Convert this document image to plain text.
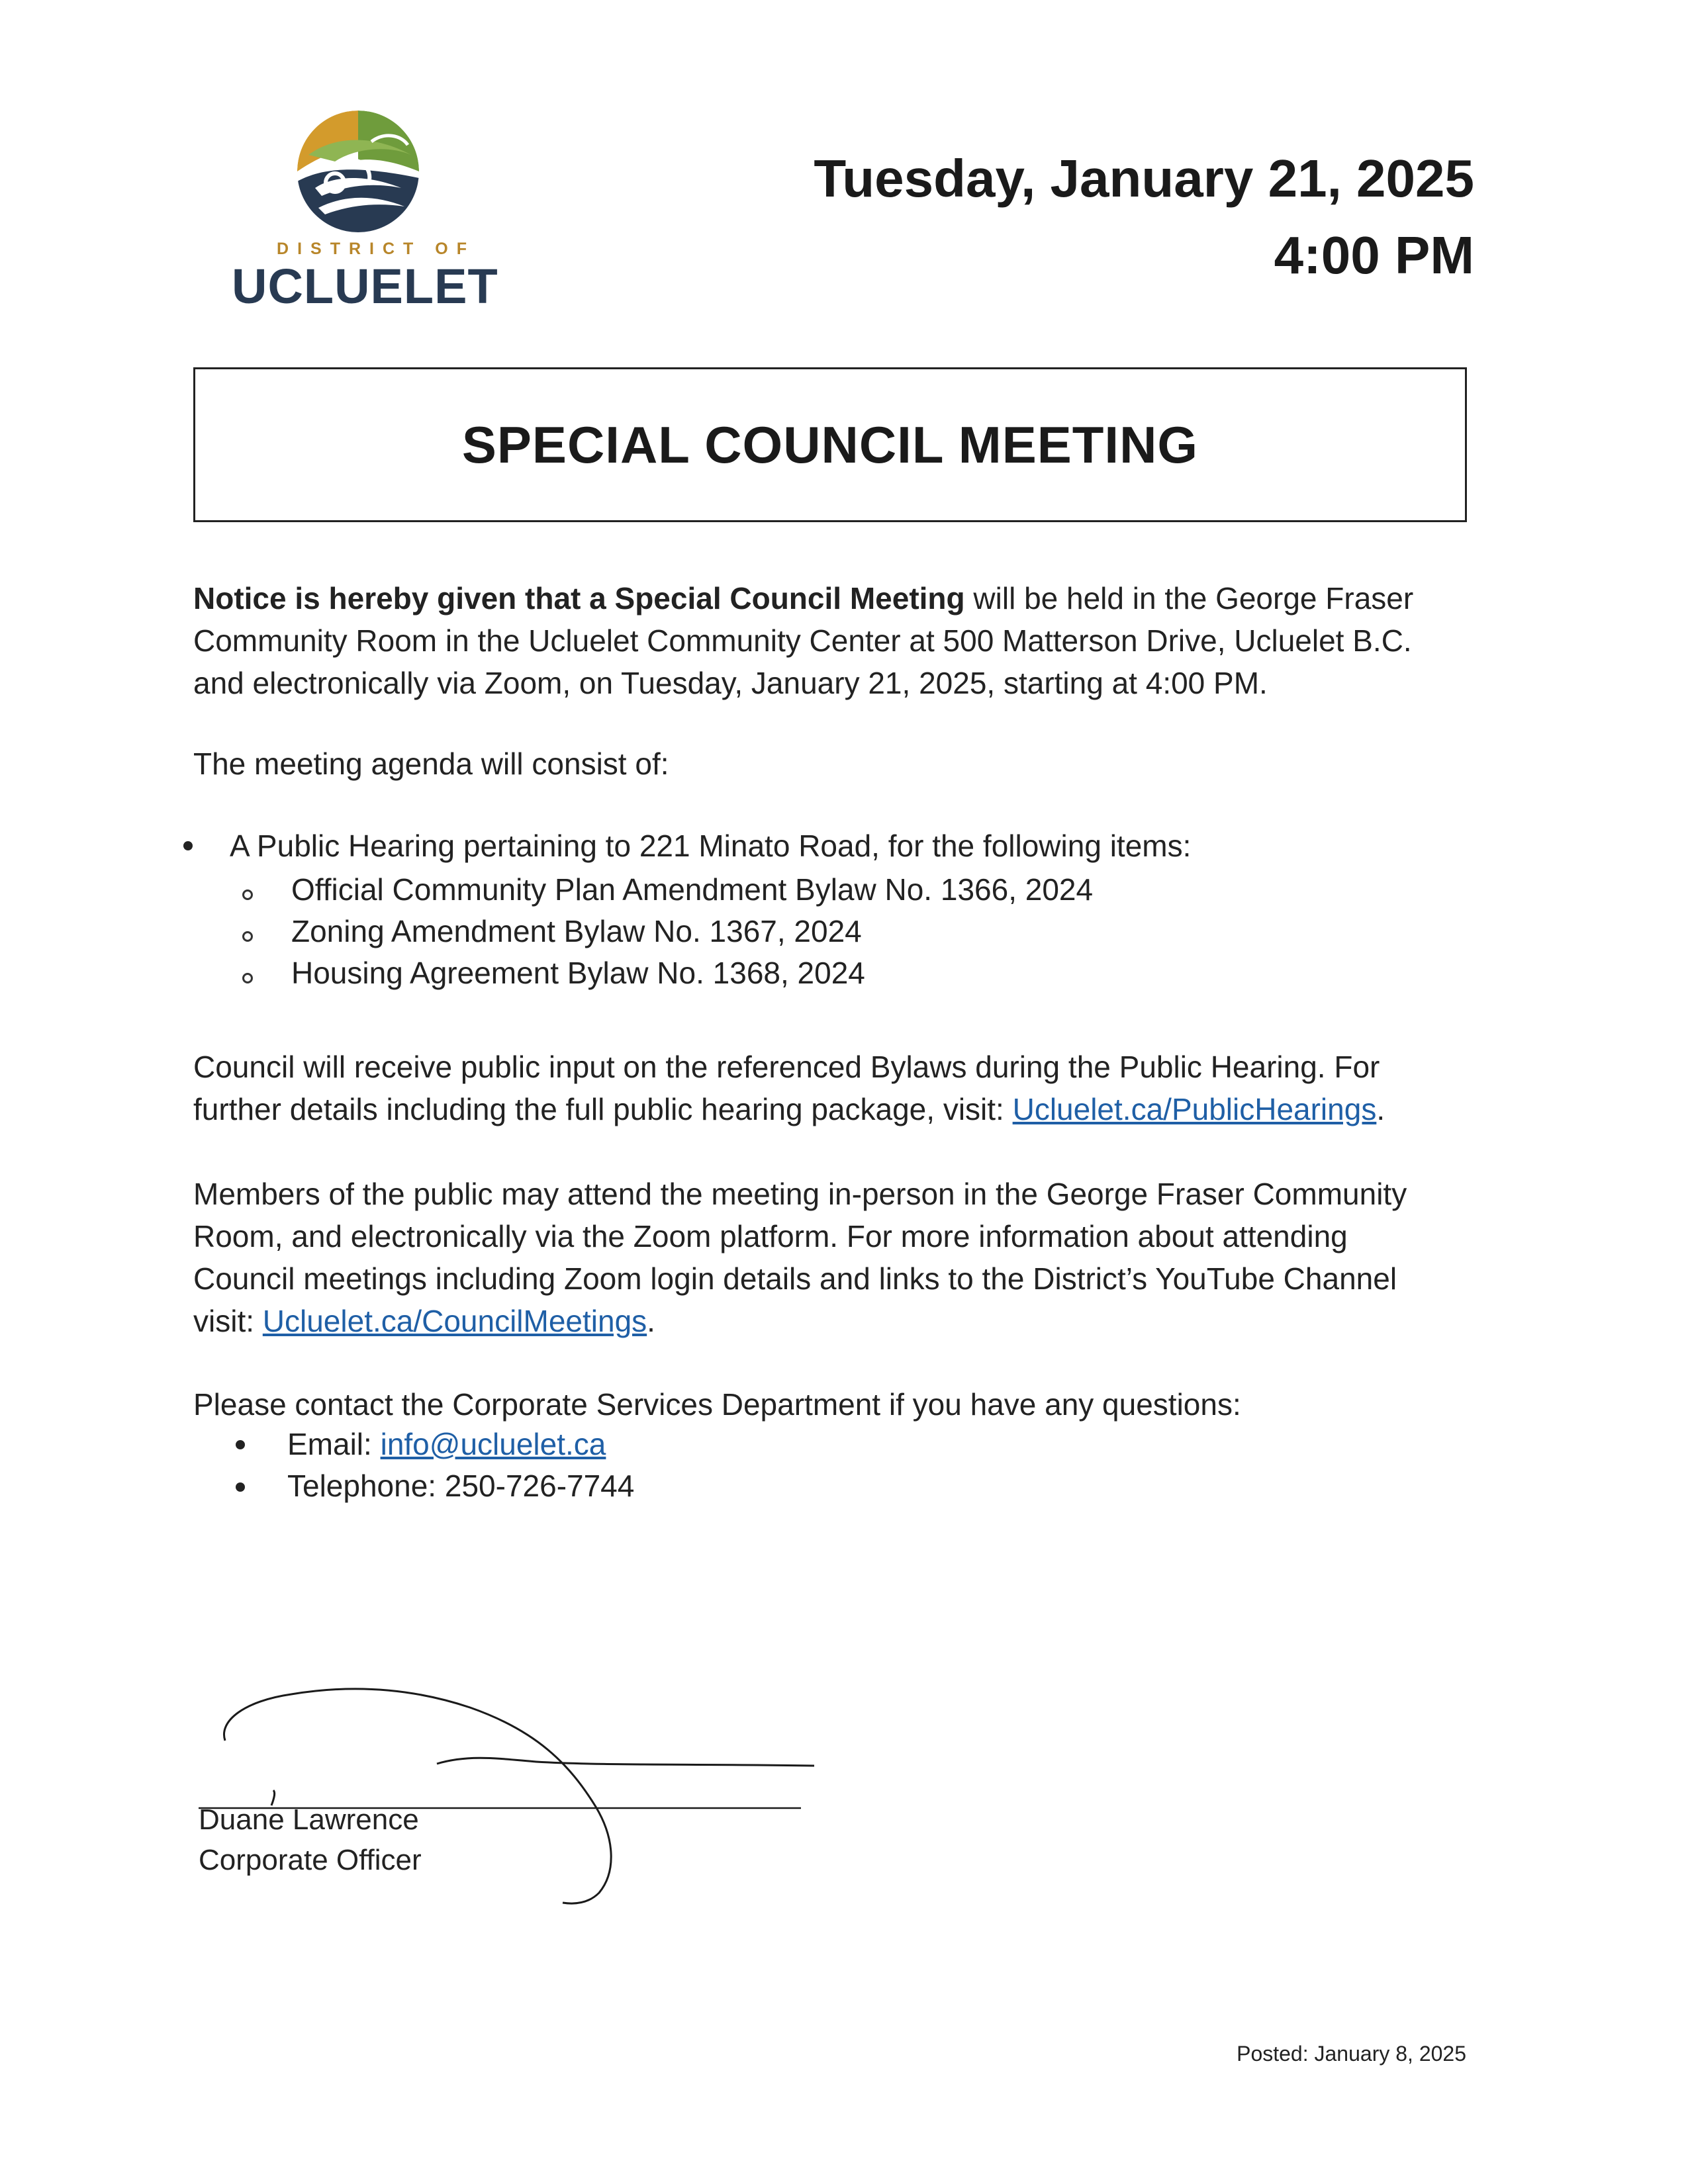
DISTRICT OF
UCLUELET
Tuesday, January 21, 2025
4:00 PM
SPECIAL COUNCIL MEETING
Notice is hereby given that a Special Council Meeting will be held in the George Fraser
Community Room in the Ucluelet Community Center at 500 Matterson Drive, Ucluelet B.C.
and electronically via Zoom, on Tuesday, January 21, 2025, starting at 4:00 PM.
The meeting agenda will consist of:
A Public Hearing pertaining to 221 Minato Road, for the following items:
Official Community Plan Amendment Bylaw No. 1366, 2024
Zoning Amendment Bylaw No. 1367, 2024
Housing Agreement Bylaw No. 1368, 2024
Council will receive public input on the referenced Bylaws during the Public Hearing. For
further details including the full public hearing package, visit: Ucluelet.ca/PublicHearings.
Members of the public may attend the meeting in-person in the George Fraser Community
Room, and electronically via the Zoom platform. For more information about attending
Council meetings including Zoom login details and links to the District’s YouTube Channel
visit: Ucluelet.ca/CouncilMeetings.
Please contact the Corporate Services Department if you have any questions:
Email: info@ucluelet.ca
Telephone: 250-726-7744
Duane Lawrence
Corporate Officer
Posted: January 8, 2025
